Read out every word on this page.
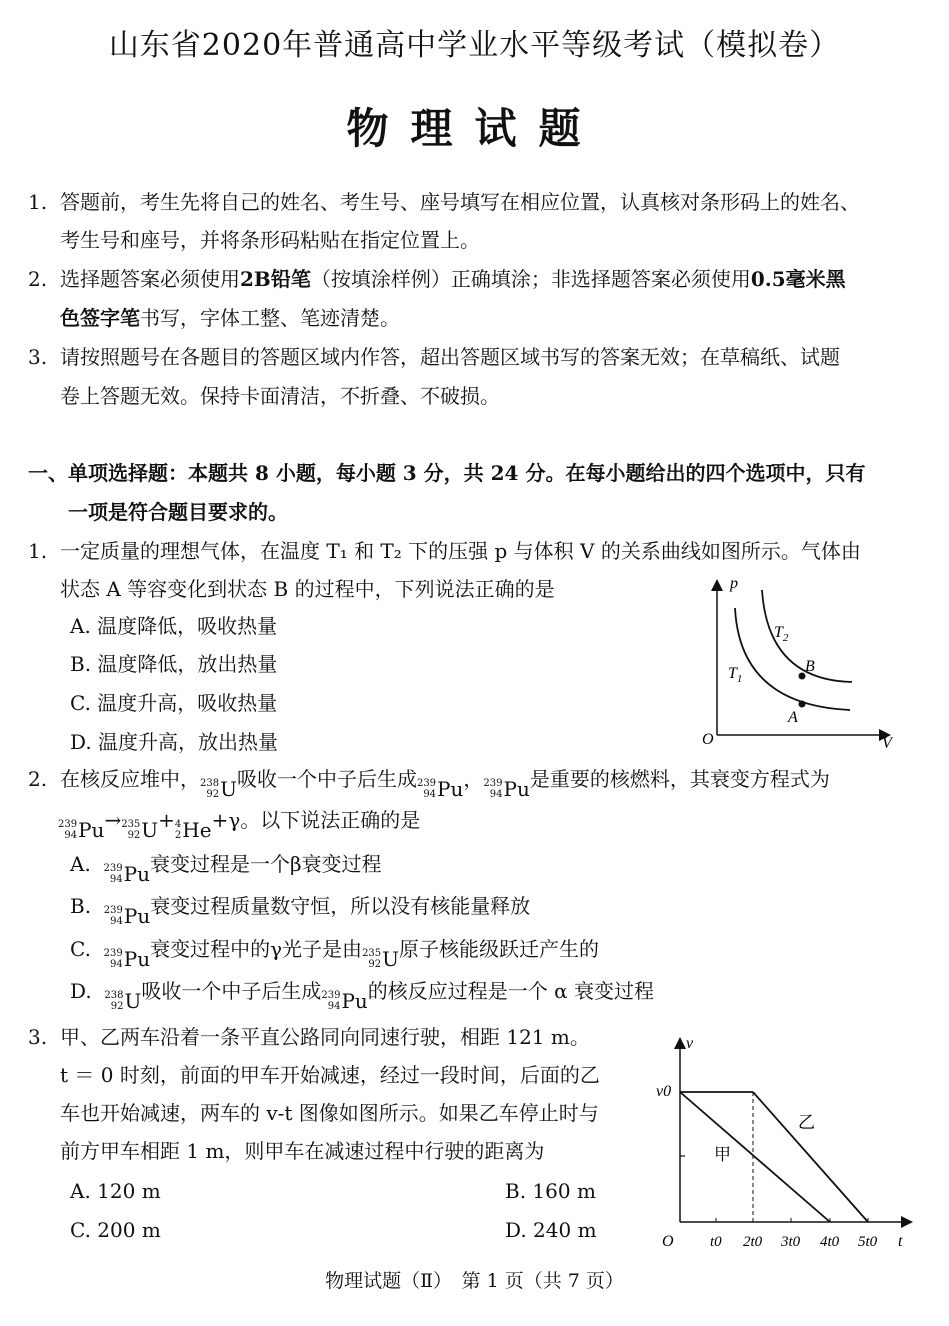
山东省2020年普通高中学业水平等级考试（模拟卷）
物理试题
1. 答题前，考生先将自己的姓名、考生号、座号填写在相应位置，认真核对条形码上的姓名、
考生号和座号，并将条形码粘贴在指定位置上。
2. 选择题答案必须使用2B铅笔（按填涂样例）正确填涂；非选择题答案必须使用0.5毫米黑
色签字笔书写，字体工整、笔迹清楚。
3. 请按照题号在各题目的答题区域内作答，超出答题区域书写的答案无效；在草稿纸、试题
卷上答题无效。保持卡面清洁，不折叠、不破损。
一、单项选择题：本题共 8 小题，每小题 3 分，共 24 分。在每小题给出的四个选项中，只有
一项是符合题目要求的。
1. 一定质量的理想气体，在温度 T₁ 和 T₂ 下的压强 p 与体积 V 的关系曲线如图所示。气体由
状态 A 等容变化到状态 B 的过程中，下列说法正确的是
A. 温度降低，吸收热量
B. 温度降低，放出热量
C. 温度升高，吸收热量
D. 温度升高，放出热量
p
V
O
$T_2$
$T_1$
B
A
2. 在核反应堆中， 238
92 U 吸收一个中子后生成 239
94 Pu ， 239
94 Pu 是重要的核燃料，其衰变方程式为
239
94 Pu → 235
92 U + 4
2 He +γ。以下说法正确的是
A. 239
94 Pu 衰变过程是一个β衰变过程
B. 239
94 Pu 衰变过程质量数守恒，所以没有核能量释放
C. 239
94 Pu 衰变过程中的γ光子是由 235
92 U 原子核能级跃迁产生的
D. 238
92 U 吸收一个中子后生成 239
94 Pu 的核反应过程是一个 α 衰变过程
3. 甲、乙两车沿着一条平直公路同向同速行驶，相距 121 m。
t ＝ 0 时刻，前面的甲车开始减速，经过一段时间，后面的乙
车也开始减速，两车的 v-t 图像如图所示。如果乙车停止时与
前方甲车相距 1 m，则甲车在减速过程中行驶的距离为
A. 120 m	B. 160 m
C. 200 m	D. 240 m
v
t
O
v0
甲
乙
t0 2t0 3t0 4t0 5t0
物理试题（Ⅱ）　第 1 页（共 7 页）
